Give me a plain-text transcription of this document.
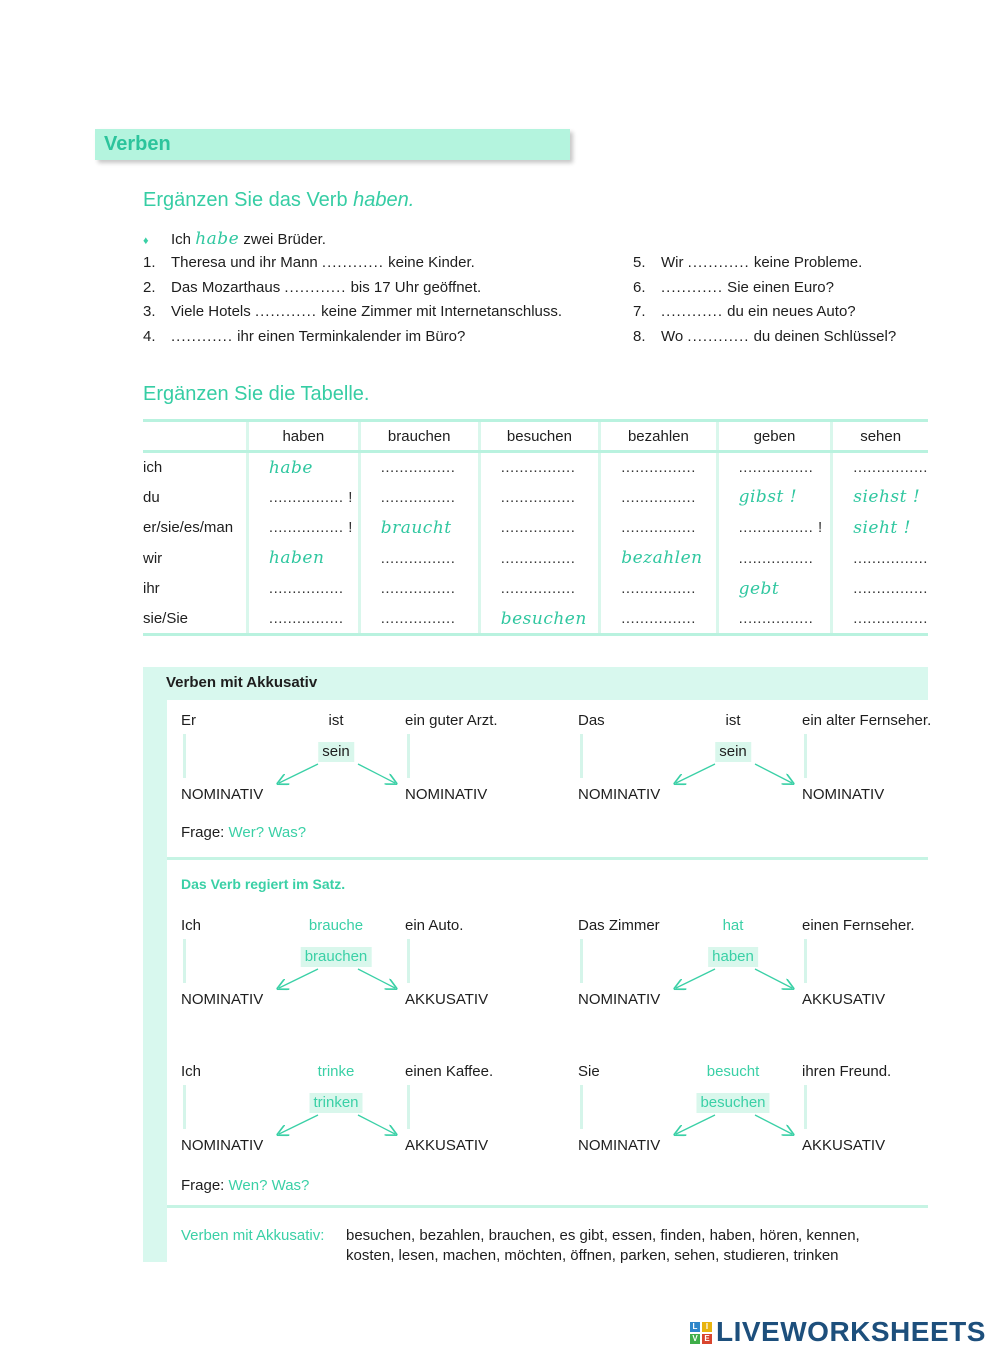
Verben
Ergänzen Sie das Verb haben.
♦ Ich habe zwei Brüder.
1. Theresa und ihr Mann ............ keine Kinder.
2. Das Mozarthaus ............ bis 17 Uhr geöffnet.
3. Viele Hotels ............ keine Zimmer mit Internetanschluss.
4. ............ ihr einen Terminkalender im Büro?
5. Wir ............ keine Probleme.
6. ............ Sie einen Euro?
7. ............ du ein neues Auto?
8. Wo ............ du deinen Schlüssel?
Ergänzen Sie die Tabelle.
	haben	brauchen	besuchen	bezahlen	geben	sehen
ich	habe	................	................	................	................	................
du	................ !	................	................	................	gibst !	siehst !
er/sie/es/man	................ !	braucht	................	................	................ !	sieht !
wir	haben	................	................	bezahlen	................	................
ihr	................	................	................	................	gebt	................
sie/Sie	................	................	besuchen	................	................	................
Verben mit Akkusativ
Er	ist	ein guter Arzt.
sein
NOMINATIV	NOMINATIV
Das	ist	ein alter Fernseher.
sein
NOMINATIV	NOMINATIV
Ich	brauche	ein Auto.
brauchen
NOMINATIV	AKKUSATIV
Das Zimmer	hat	einen Fernseher.
haben
NOMINATIV	AKKUSATIV
Ich	trinke	einen Kaffee.
trinken
NOMINATIV	AKKUSATIV
Sie	besucht	ihren Freund.
besuchen
NOMINATIV	AKKUSATIV
Frage: Wer? Was?
Das Verb regiert im Satz.
Frage: Wen? Was?
Verben mit Akkusativ: besuchen, bezahlen, brauchen, es gibt, essen, finden, haben, hören, kennen,
kosten, lesen, machen, möchten, öffnen, parken, sehen, studieren, trinken
L	I
V E LIVEWORKSHEETS
